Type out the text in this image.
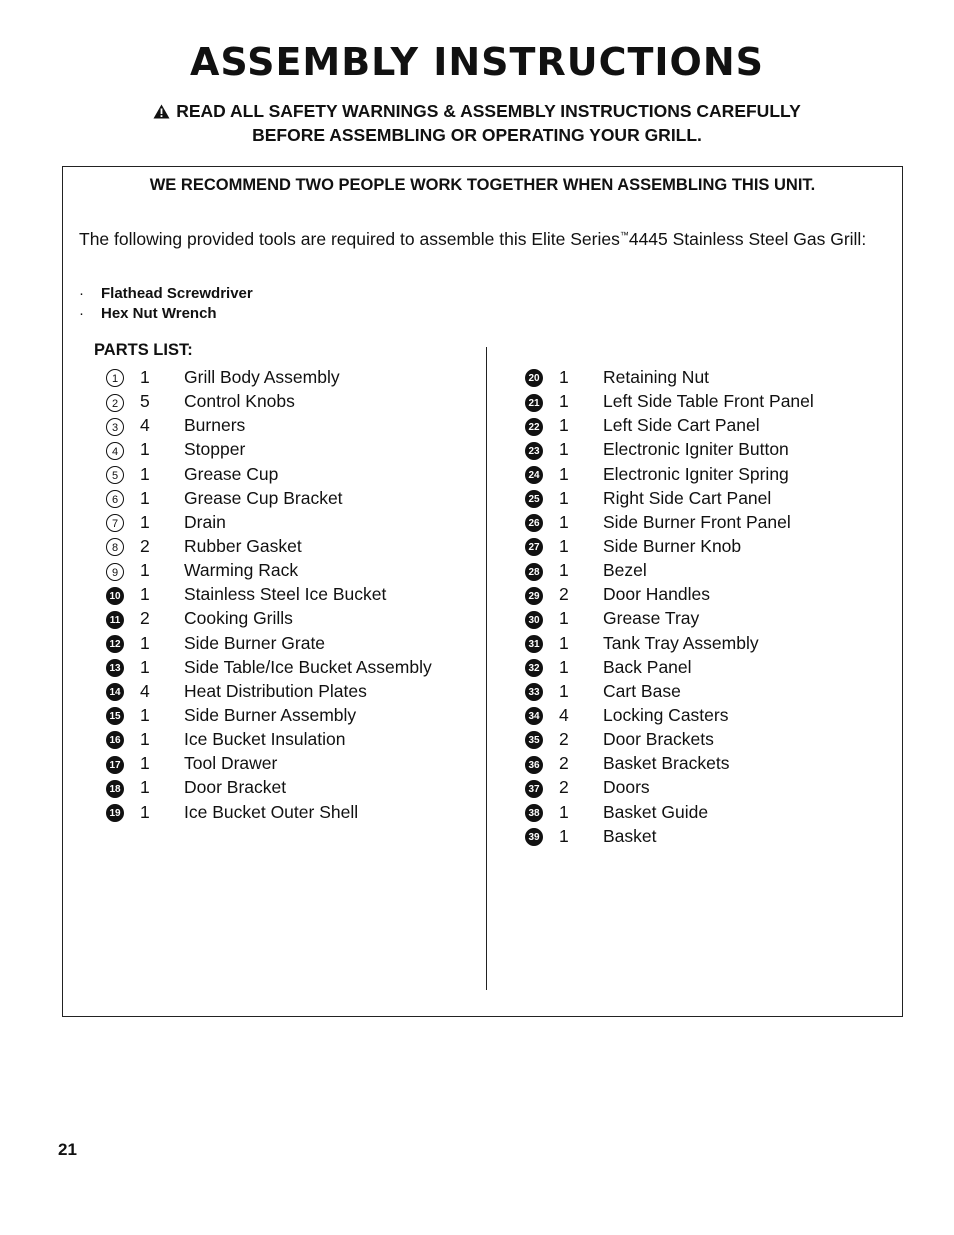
ASSEMBLY INSTRUCTIONS
READ ALL SAFETY WARNINGS & ASSEMBLY INSTRUCTIONS CAREFULLY
BEFORE ASSEMBLING OR OPERATING YOUR GRILL.
WE RECOMMEND TWO PEOPLE WORK TOGETHER WHEN ASSEMBLING THIS UNIT.
The following provided tools are required to assemble this Elite Series™4445 Stainless Steel Gas Grill:
· Flathead Screwdriver
· Hex Nut Wrench
PARTS LIST:
1 1 Grill Body Assembly
2 5 Control Knobs
3 4 Burners
4 1 Stopper
5 1 Grease Cup
6 1 Grease Cup Bracket
7 1 Drain
8 2 Rubber Gasket
9 1 Warming Rack
10 1 Stainless Steel Ice Bucket
11 2 Cooking Grills
12 1 Side Burner Grate
13 1 Side Table/Ice Bucket Assembly
14 4 Heat Distribution Plates
15 1 Side Burner Assembly
16 1 Ice Bucket Insulation
17 1 Tool Drawer
18 1 Door Bracket
19 1 Ice Bucket Outer Shell
20 1 Retaining Nut
21 1 Left Side Table Front Panel
22 1 Left Side Cart Panel
23 1 Electronic Igniter Button
24 1 Electronic Igniter Spring
25 1 Right Side Cart Panel
26 1 Side Burner Front Panel
27 1 Side Burner Knob
28 1 Bezel
29 2 Door Handles
30 1 Grease Tray
31 1 Tank Tray Assembly
32 1 Back Panel
33 1 Cart Base
34 4 Locking Casters
35 2 Door Brackets
36 2 Basket Brackets
37 2 Doors
38 1 Basket Guide
39 1 Basket
21
